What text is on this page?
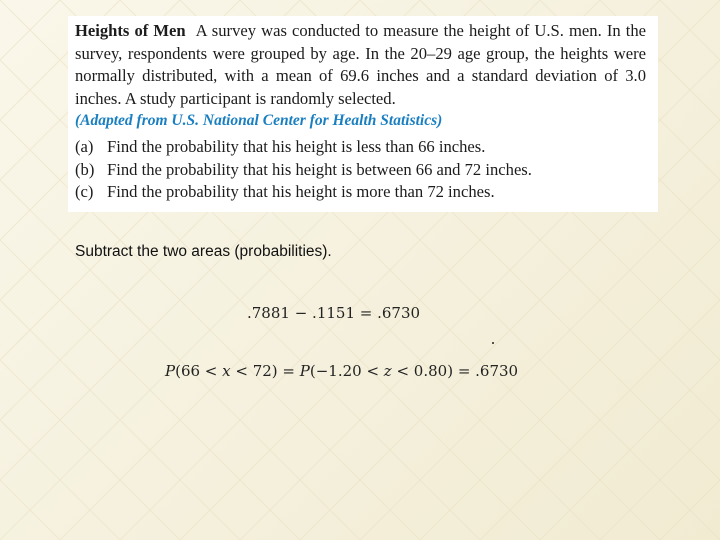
Heights of Men A survey was conducted to measure the height of U.S. men. In the survey, respondents were grouped by age. In the 20–29 age group, the heights were normally distributed, with a mean of 69.6 inches and a standard deviation of 3.0 inches. A study participant is randomly selected.
(Adapted from U.S. National Center for Health Statistics)
(a) Find the probability that his height is less than 66 inches.
(b) Find the probability that his height is between 66 and 72 inches.
(c) Find the probability that his height is more than 72 inches.
Subtract the two areas (probabilities).
.7881 − .1151 = .6730
P(66 < x < 72) = P(−1.20 < z < 0.80) = .6730
